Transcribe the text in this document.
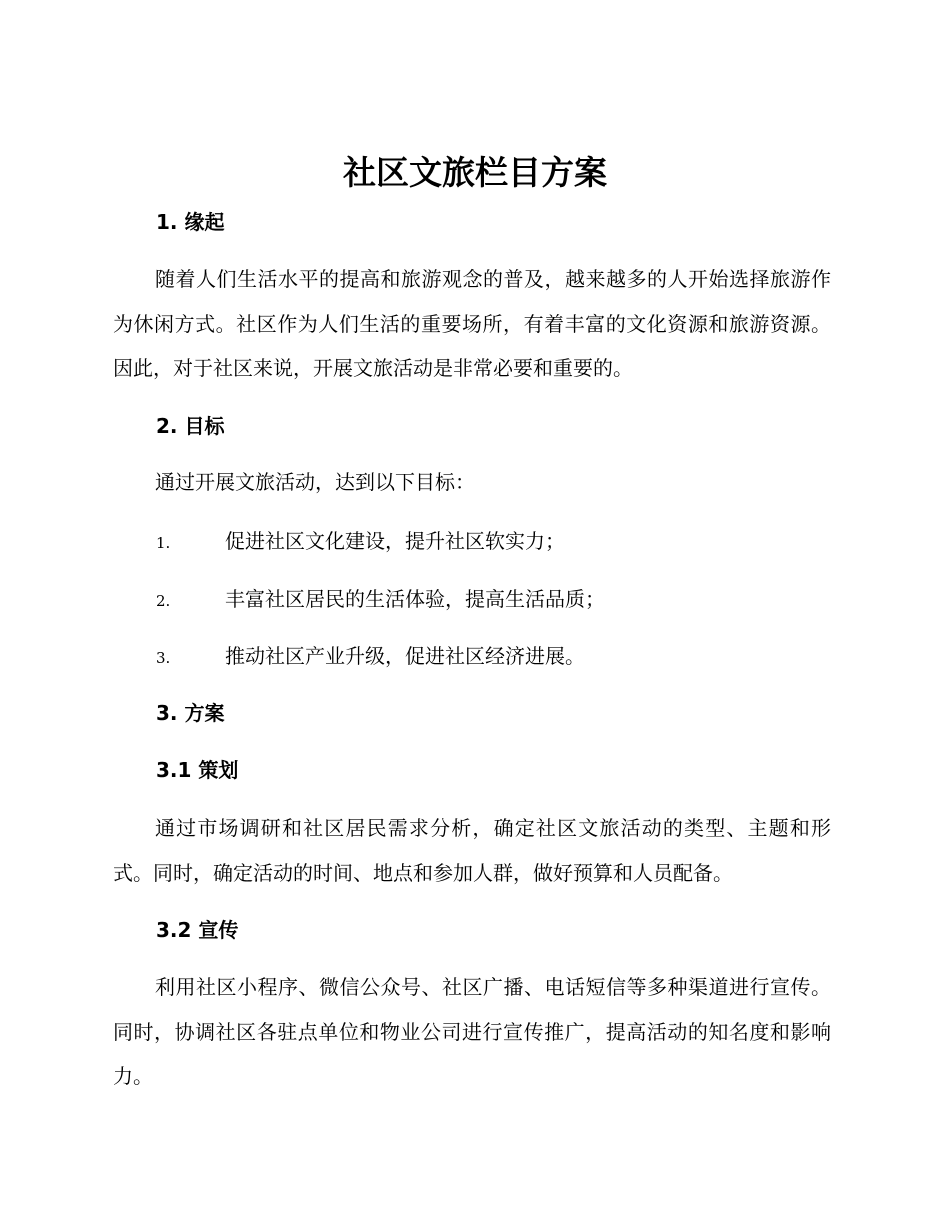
社区文旅栏目方案
1. 缘起

随着人们生活水平的提高和旅游观念的普及，越来越多的人开始选择旅游作为休闲方式。社区作为人们生活的重要场所，有着丰富的文化资源和旅游资源。因此，对于社区来说，开展文旅活动是非常必要和重要的。

2. 目标

通过开展文旅活动，达到以下目标：

1.	促进社区文化建设，提升社区软实力；
2.	丰富社区居民的生活体验，提高生活品质；
3.	推动社区产业升级，促进社区经济进展。
3. 方案
3.1 策划

通过市场调研和社区居民需求分析，确定社区文旅活动的类型、主题和形式。同时，确定活动的时间、地点和参加人群，做好预算和人员配备。

3.2 宣传

利用社区小程序、微信公众号、社区广播、电话短信等多种渠道进行宣传。同时，协调社区各驻点单位和物业公司进行宣传推广，提高活动的知名度和影响力。
